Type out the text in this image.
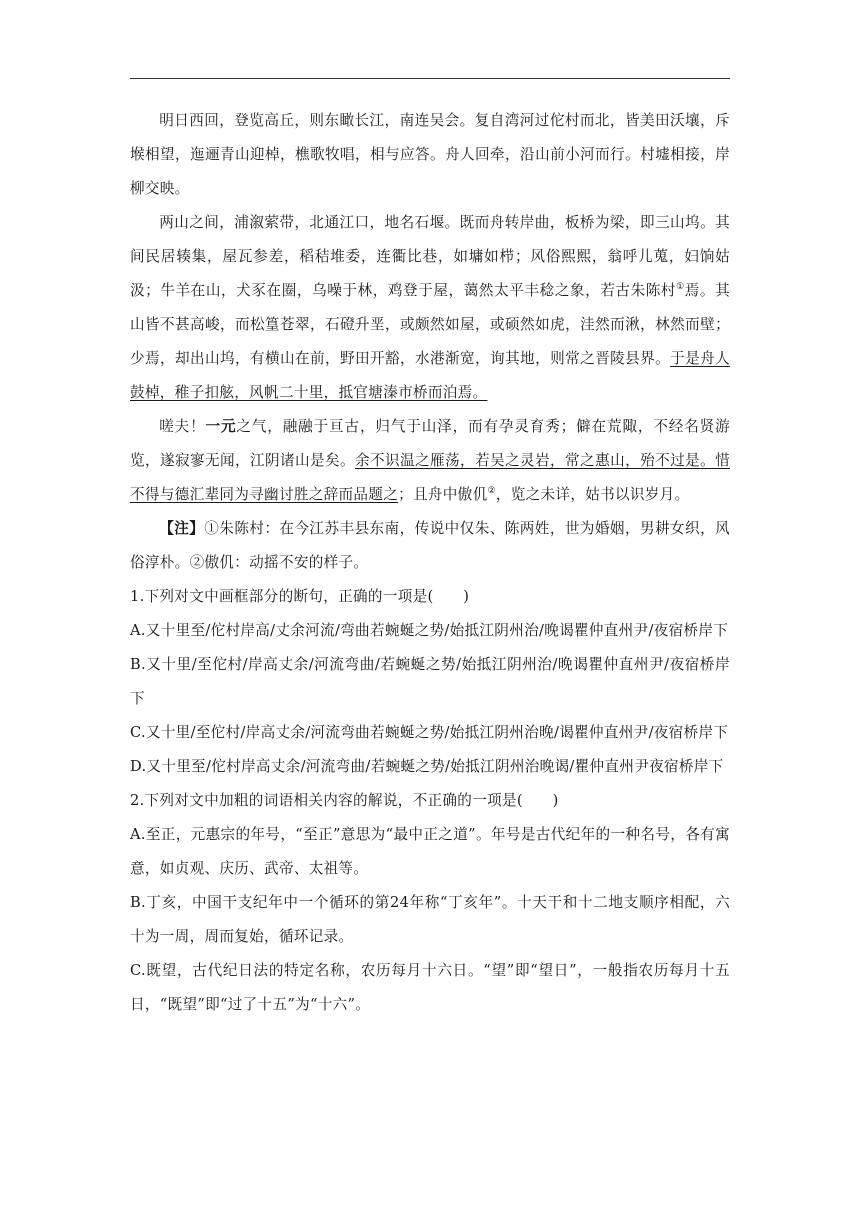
明日西回，登览高丘，则东瞰长江，南连吴会。复自湾河过佗村而北，皆美田沃壤，斥堠相望，迤逦青山迎棹，樵歌牧唱，相与应答。舟人回牵，沿山前小河而行。村墟相接，岸柳交映。

两山之间，浦溆萦带，北通江口，地名石堰。既而舟转岸曲，板桥为梁，即三山坞。其间民居辏集，屋瓦参差，稻秸堆委，连衢比巷，如墉如栉；风俗熙熙，翁呼儿蒐，妇饷姑汲；牛羊在山，犬豕在圈，乌噪于林，鸡登于屋，蔼然太平丰稔之象，若古朱陈村①焉。其山皆不甚高峻，而松篁苍翠，石磴升垩，或颇然如屋，或硕然如虎，洼然而湫，林然而壁；少焉，却出山坞，有横山在前，野田开豁，水港渐宽，询其地，则常之晋陵县界。于是舟人鼓棹，稚子扣舷，风帆二十里，抵官塘溱市桥而泊焉。

嗟夫！一元之气，融融于亘古，归气于山泽，而有孕灵育秀；僻在荒陬，不经名贤游览，遂寂寥无闻，江阴诸山是矣。余不识温之雁荡，若吴之灵岩，常之惠山，殆不过是。惜不得与德汇辈同为寻幽讨胜之辞而品题之；且舟中傲仉②，览之未详，姑书以识岁月。

【注】①朱陈村：在今江苏丰县东南，传说中仅朱、陈两姓，世为婚姻，男耕女织，风俗淳朴。②傲仉：动摇不安的样子。

1.下列对文中画框部分的断句，正确的一项是(　　)

A.又十里至/佗村岸高/丈余河流/弯曲若蜿蜒之势/始抵江阴州治/晚谒瞿仲直州尹/夜宿桥岸下

B.又十里/至佗村/岸高丈余/河流弯曲/若蜿蜒之势/始抵江阴州治/晚谒瞿仲直州尹/夜宿桥岸下

C.又十里/至佗村/岸高丈余/河流弯曲若蜿蜒之势/始抵江阴州治晚/谒瞿仲直州尹/夜宿桥岸下

D.又十里至/佗村岸高丈余/河流弯曲/若蜿蜒之势/始抵江阴州治晚谒/瞿仲直州尹夜宿桥岸下

2.下列对文中加粗的词语相关内容的解说，不正确的一项是(　　)

A.至正，元惠宗的年号，“至正”意思为“最中正之道”。年号是古代纪年的一种名号，各有寓意，如贞观、庆历、武帝、太祖等。

B.丁亥，中国干支纪年中一个循环的第24年称“丁亥年”。十天干和十二地支顺序相配，六十为一周，周而复始，循环记录。

C.既望，古代纪日法的特定名称，农历每月十六日。“望”即“望日”，一般指农历每月十五日，“既望”即“过了十五”为“十六”。
